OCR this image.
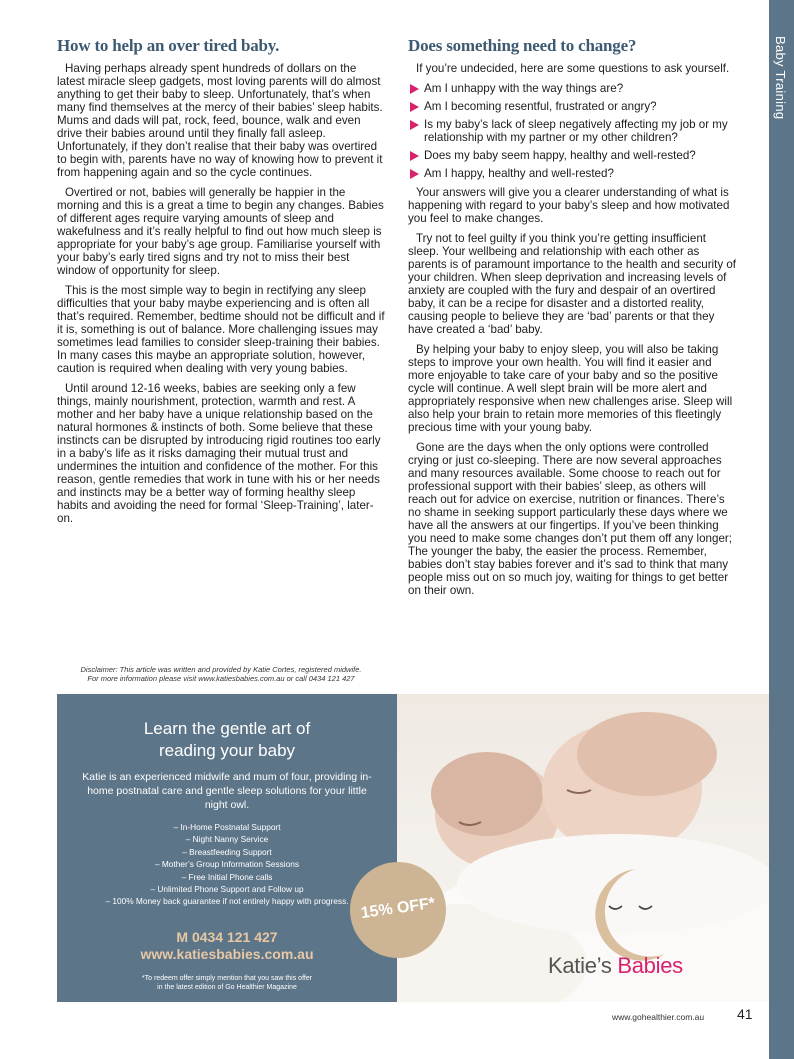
Baby Training
How to help an over tired baby.

Having perhaps already spent hundreds of dollars on the latest miracle sleep gadgets, most loving parents will do almost anything to get their baby to sleep. Unfortunately, that’s when many find themselves at the mercy of their babies’ sleep habits. Mums and dads will pat, rock, feed, bounce, walk and even drive their babies around until they finally fall asleep. Unfortunately, if they don’t realise that their baby was overtired to begin with, parents have no way of knowing how to prevent it from happening again and so the cycle continues.

Overtired or not, babies will generally be happier in the morning and this is a great a time to begin any changes. Babies of different ages require varying amounts of sleep and wakefulness and it’s really helpful to find out how much sleep is appropriate for your baby’s age group. Familiarise yourself with your baby’s early tired signs and try not to miss their best window of opportunity for sleep.

This is the most simple way to begin in rectifying any sleep difficulties that your baby maybe experiencing and is often all that’s required. Remember, bedtime should not be difficult and if it is, something is out of balance. More challenging issues may sometimes lead families to consider sleep-training their babies. In many cases this maybe an appropriate solution, however, caution is required when dealing with very young babies.

Until around 12-16 weeks, babies are seeking only a few things, mainly nourishment, protection, warmth and rest. A mother and her baby have a unique relationship based on the natural hormones & instincts of both. Some believe that these instincts can be disrupted by introducing rigid routines too early in a baby’s life as it risks damaging their mutual trust and undermines the intuition and confidence of the mother. For this reason, gentle remedies that work in tune with his or her needs and instincts may be a better way of forming healthy sleep habits and avoiding the need for formal ‘Sleep-Training’, later-on.

Disclaimer: This article was written and provided by Katie Cortes, registered midwife.
For more information please visit www.katiesbabies.com.au or call 0434 121 427
Does something need to change?

If you’re undecided, here are some questions to ask yourself.

Am I unhappy with the way things are?
Am I becoming resentful, frustrated or angry?
Is my baby’s lack of sleep negatively affecting my job or my relationship with my partner or my other children?
Does my baby seem happy, healthy and well-rested?
Am I happy, healthy and well-rested?

Your answers will give you a clearer understanding of what is happening with regard to your baby’s sleep and how motivated you feel to make changes.

Try not to feel guilty if you think you’re getting insufficient sleep. Your wellbeing and relationship with each other as parents is of paramount importance to the health and security of your children. When sleep deprivation and increasing levels of anxiety are coupled with the fury and despair of an overtired baby, it can be a recipe for disaster and a distorted reality, causing people to believe they are ‘bad’ parents or that they have created a ‘bad’ baby.

By helping your baby to enjoy sleep, you will also be taking steps to improve your own health. You will find it easier and more enjoyable to take care of your baby and so the positive cycle will continue. A well slept brain will be more alert and appropriately responsive when new challenges arise. Sleep will also help your brain to retain more memories of this fleetingly precious time with your young baby.

Gone are the days when the only options were controlled crying or just co-sleeping. There are now several approaches and many resources available. Some choose to reach out for professional support with their babies’ sleep, as others will reach out for advice on exercise, nutrition or finances. There’s no shame in seeking support particularly these days where we have all the answers at our fingertips. If you’ve been thinking you need to make some changes don’t put them off any longer; The younger the baby, the easier the process. Remember, babies don’t stay babies forever and it’s sad to think that many people miss out on so much joy, waiting for things to get better on their own.

Learn the gentle art of
reading your baby
Katie is an experienced midwife and mum of four, providing in-home postnatal care and gentle sleep solutions for your little night owl.
– In-Home Postnatal Support
– Night Nanny Service
– Breastfeeding Support
– Mother’s Group Information Sessions
– Free Initial Phone calls
– Unlimited Phone Support and Follow up
– 100% Money back guarantee if not entirely happy with progress.
M 0434 121 427
www.katiesbabies.com.au
*To redeem offer simply mention that you saw this offer
in the latest edition of Go Healthier Magazine
15% OFF*
Katie’s Babies
www.gohealthier.com.au 41
